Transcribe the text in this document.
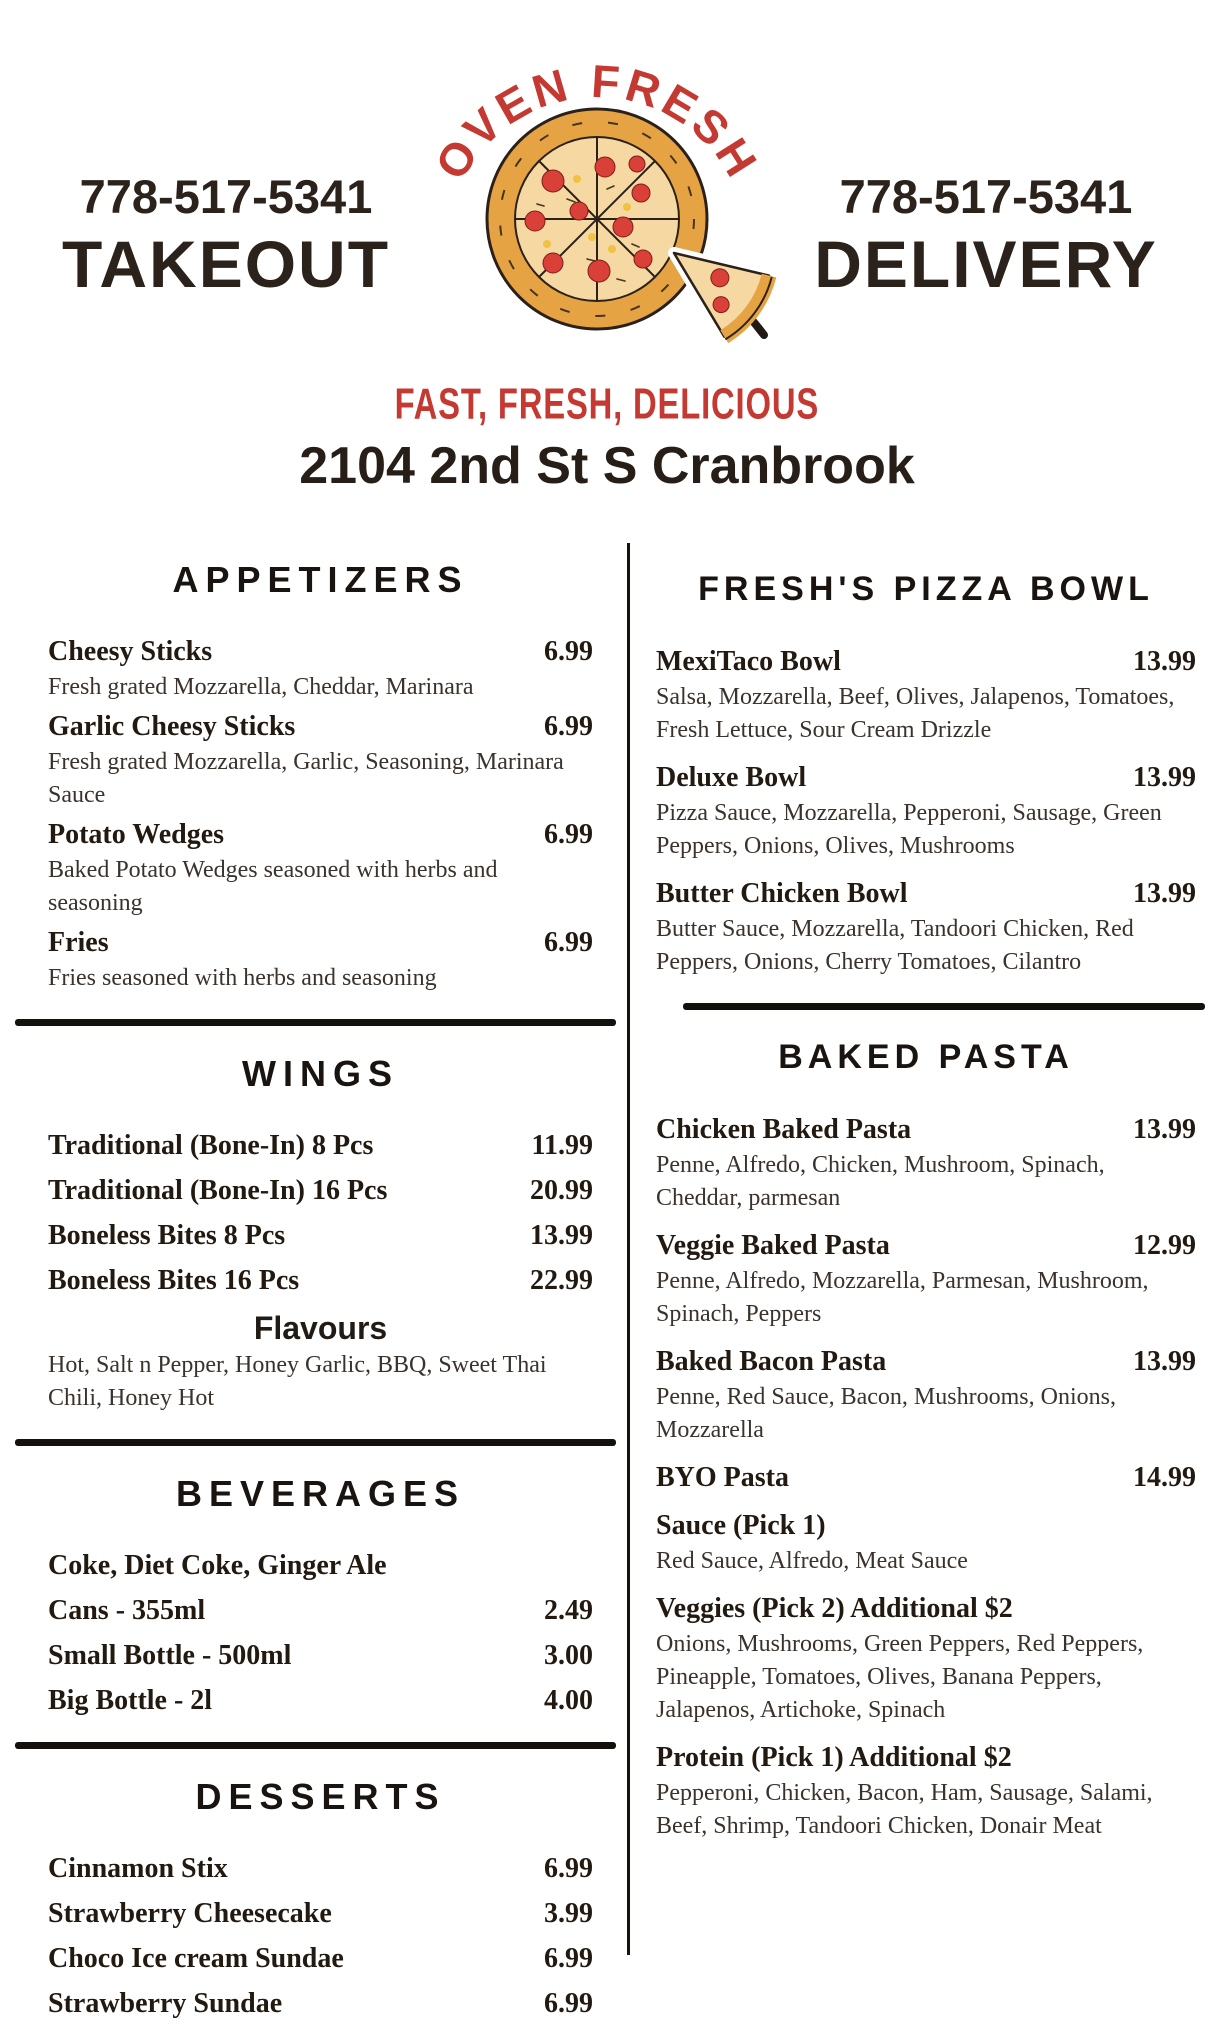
778-517-5341
TAKEOUT
OVEN FRESH
778-517-5341
DELIVERY
FAST, FRESH, DELICIOUS
2104 2nd St S Cranbrook
APPETIZERS
Cheesy Sticks	6.99

Fresh grated Mozzarella, Cheddar, Marinara

Garlic Cheesy Sticks	6.99

Fresh grated Mozzarella, Garlic, Seasoning, Marinara Sauce

Potato Wedges	6.99

Baked Potato Wedges seasoned with herbs and seasoning

Fries	6.99

Fries seasoned with herbs and seasoning

WINGS
Traditional (Bone-In) 8 Pcs	11.99
Traditional (Bone-In) 16 Pcs	20.99
Boneless Bites 8 Pcs	13.99
Boneless Bites 16 Pcs	22.99
Flavours

Hot, Salt n Pepper, Honey Garlic, BBQ, Sweet Thai Chili, Honey Hot

BEVERAGES
Coke, Diet Coke, Ginger Ale
Cans - 355ml	2.49
Small Bottle - 500ml	3.00
Big Bottle - 2l	4.00
DESSERTS
Cinnamon Stix	6.99
Strawberry Cheesecake	3.99
Choco Ice cream Sundae	6.99
Strawberry Sundae	6.99
FRESH'S PIZZA BOWL
MexiTaco Bowl	13.99

Salsa, Mozzarella, Beef, Olives, Jalapenos, Tomatoes, Fresh Lettuce, Sour Cream Drizzle

Deluxe Bowl	13.99

Pizza Sauce, Mozzarella, Pepperoni, Sausage, Green Peppers, Onions, Olives, Mushrooms

Butter Chicken Bowl	13.99

Butter Sauce, Mozzarella, Tandoori Chicken, Red Peppers, Onions, Cherry Tomatoes, Cilantro

BAKED PASTA
Chicken Baked Pasta	13.99

Penne, Alfredo, Chicken, Mushroom, Spinach, Cheddar, parmesan

Veggie Baked Pasta	12.99

Penne, Alfredo, Mozzarella, Parmesan, Mushroom, Spinach, Peppers

Baked Bacon Pasta	13.99

Penne, Red Sauce, Bacon, Mushrooms, Onions, Mozzarella

BYO Pasta	14.99
Sauce (Pick 1)

Red Sauce, Alfredo, Meat Sauce

Veggies (Pick 2) Additional $2

Onions, Mushrooms, Green Peppers, Red Peppers, Pineapple, Tomatoes, Olives, Banana Peppers, Jalapenos, Artichoke, Spinach

Protein (Pick 1) Additional $2

Pepperoni, Chicken, Bacon, Ham, Sausage, Salami, Beef, Shrimp, Tandoori Chicken, Donair Meat
